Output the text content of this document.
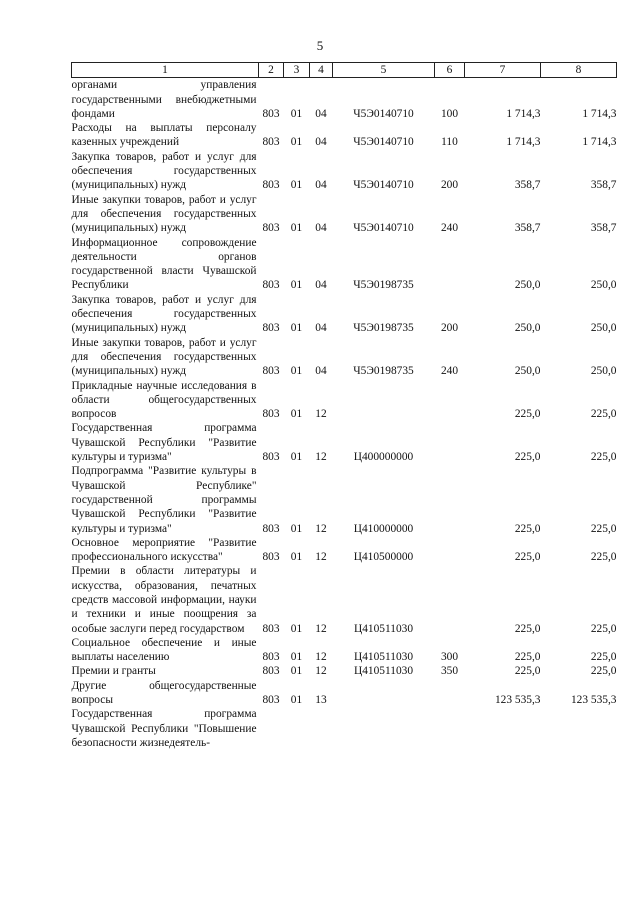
5
1	2	3	4	5	6	7	8
органами управления государственными внебюджетными фондами	803	01	04	Ч5Э0140710	100	1 714,3	1 714,3
Расходы на выплаты персоналу казенных учреждений	803	01	04	Ч5Э0140710	110	1 714,3	1 714,3
Закупка товаров, работ и услуг для обеспечения государственных (муниципальных) нужд	803	01	04	Ч5Э0140710	200	358,7	358,7
Иные закупки товаров, работ и услуг для обеспечения государственных (муниципальных) нужд	803	01	04	Ч5Э0140710	240	358,7	358,7
Информационное сопровождение деятельности органов государственной власти Чувашской Республики	803	01	04	Ч5Э0198735		250,0	250,0
Закупка товаров, работ и услуг для обеспечения государственных (муниципальных) нужд	803	01	04	Ч5Э0198735	200	250,0	250,0
Иные закупки товаров, работ и услуг для обеспечения государственных (муниципальных) нужд	803	01	04	Ч5Э0198735	240	250,0	250,0
Прикладные научные исследования в области общегосударственных вопросов	803	01	12			225,0	225,0
Государственная программа Чувашской Республики "Развитие культуры и туризма"	803	01	12	Ц400000000		225,0	225,0
Подпрограмма "Развитие культуры в Чувашской Республике" государственной программы Чувашской Республики "Развитие культуры и туризма"	803	01	12	Ц410000000		225,0	225,0
Основное мероприятие "Развитие профессионального искусства"	803	01	12	Ц410500000		225,0	225,0
Премии в области литературы и искусства, образования, печатных средств массовой информации, науки и техники и иные поощрения за особые заслуги перед государством	803	01	12	Ц410511030		225,0	225,0
Социальное обеспечение и иные выплаты населению	803	01	12	Ц410511030	300	225,0	225,0
Премии и гранты	803	01	12	Ц410511030	350	225,0	225,0
Другие общегосударственные вопросы	803	01	13			123 535,3	123 535,3
Государственная программа Чувашской Республики "Повышение безопасности жизнедеятель-							
